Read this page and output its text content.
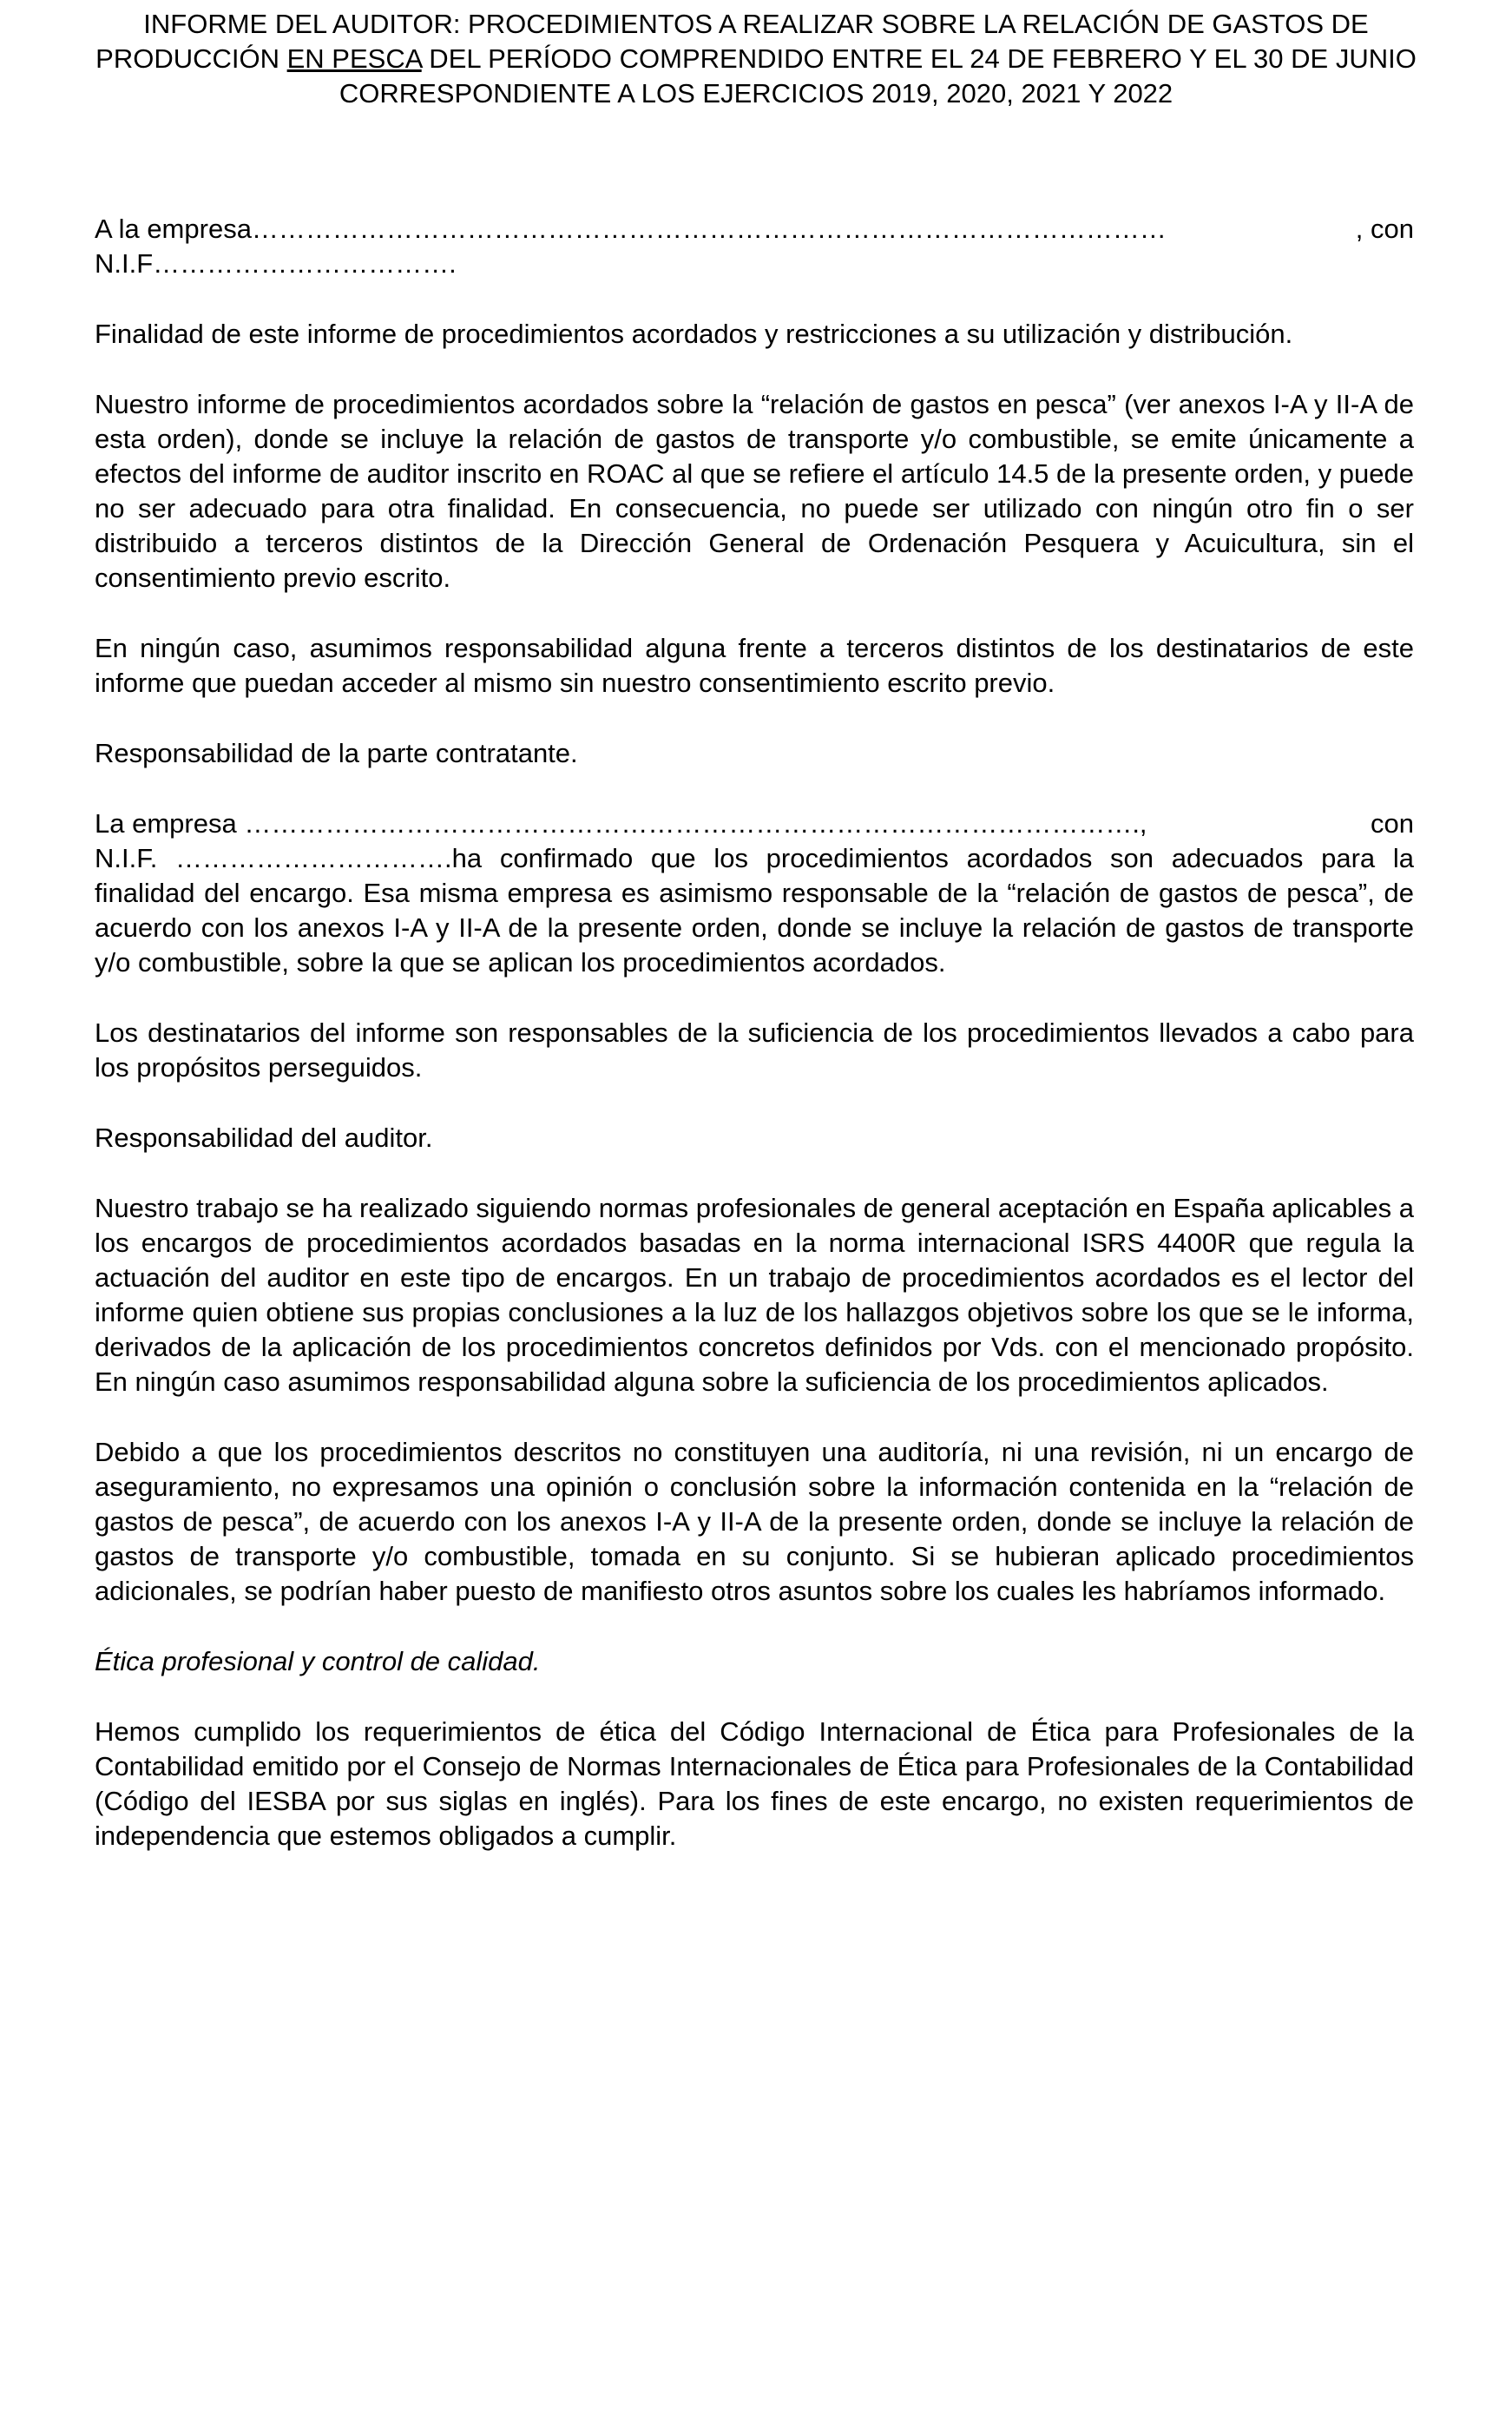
INFORME DEL AUDITOR: PROCEDIMIENTOS A REALIZAR SOBRE LA RELACIÓN DE GASTOS DE PRODUCCIÓN EN PESCA DEL PERÍODO COMPRENDIDO ENTRE EL 24 DE FEBRERO Y EL 30 DE JUNIO CORRESPONDIENTE A LOS EJERCICIOS 2019, 2020, 2021 Y 2022
A la empresa…………………………………………………………………………………………	, con
N.I.F…………………………….

Finalidad de este informe de procedimientos acordados y restricciones a su utilización y distribución.

Nuestro informe de procedimientos acordados sobre la “relación de gastos en pesca” (ver anexos I-A y II-A de esta orden), donde se incluye la relación de gastos de transporte y/o combustible, se emite únicamente a efectos del informe de auditor inscrito en ROAC al que se refiere el artículo 14.5 de la presente orden, y puede no ser adecuado para otra finalidad. En consecuencia, no puede ser utilizado con ningún otro fin o ser distribuido a terceros distintos de la Dirección General de Ordenación Pesquera y Acuicultura, sin el consentimiento previo escrito.

En ningún caso, asumimos responsabilidad alguna frente a terceros distintos de los destinatarios de este informe que puedan acceder al mismo sin nuestro consentimiento escrito previo.

Responsabilidad de la parte contratante.

La empresa ……………………………………………………………………………………….,	con
N.I.F. ………………………….ha confirmado que los procedimientos acordados son adecuados para la finalidad del encargo. Esa misma empresa es asimismo responsable de la “relación de gastos de pesca”, de acuerdo con los anexos I-A y II-A de la presente orden, donde se incluye la relación de gastos de transporte y/o combustible, sobre la que se aplican los procedimientos acordados.

Los destinatarios del informe son responsables de la suficiencia de los procedimientos llevados a cabo para los propósitos perseguidos.

Responsabilidad del auditor.

Nuestro trabajo se ha realizado siguiendo normas profesionales de general aceptación en España aplicables a los encargos de procedimientos acordados basadas en la norma internacional ISRS 4400R que regula la actuación del auditor en este tipo de encargos. En un trabajo de procedimientos acordados es el lector del informe quien obtiene sus propias conclusiones a la luz de los hallazgos objetivos sobre los que se le informa, derivados de la aplicación de los procedimientos concretos definidos por Vds. con el mencionado propósito. En ningún caso asumimos responsabilidad alguna sobre la suficiencia de los procedimientos aplicados.

Debido a que los procedimientos descritos no constituyen una auditoría, ni una revisión, ni un encargo de aseguramiento, no expresamos una opinión o conclusión sobre la información contenida en la “relación de gastos de pesca”, de acuerdo con los anexos I-A y II-A de la presente orden, donde se incluye la relación de gastos de transporte y/o combustible, tomada en su conjunto. Si se hubieran aplicado procedimientos adicionales, se podrían haber puesto de manifiesto otros asuntos sobre los cuales les habríamos informado.

Ética profesional y control de calidad.

Hemos cumplido los requerimientos de ética del Código Internacional de Ética para Profesionales de la Contabilidad emitido por el Consejo de Normas Internacionales de Ética para Profesionales de la Contabilidad (Código del IESBA por sus siglas en inglés). Para los fines de este encargo, no existen requerimientos de independencia que estemos obligados a cumplir.
